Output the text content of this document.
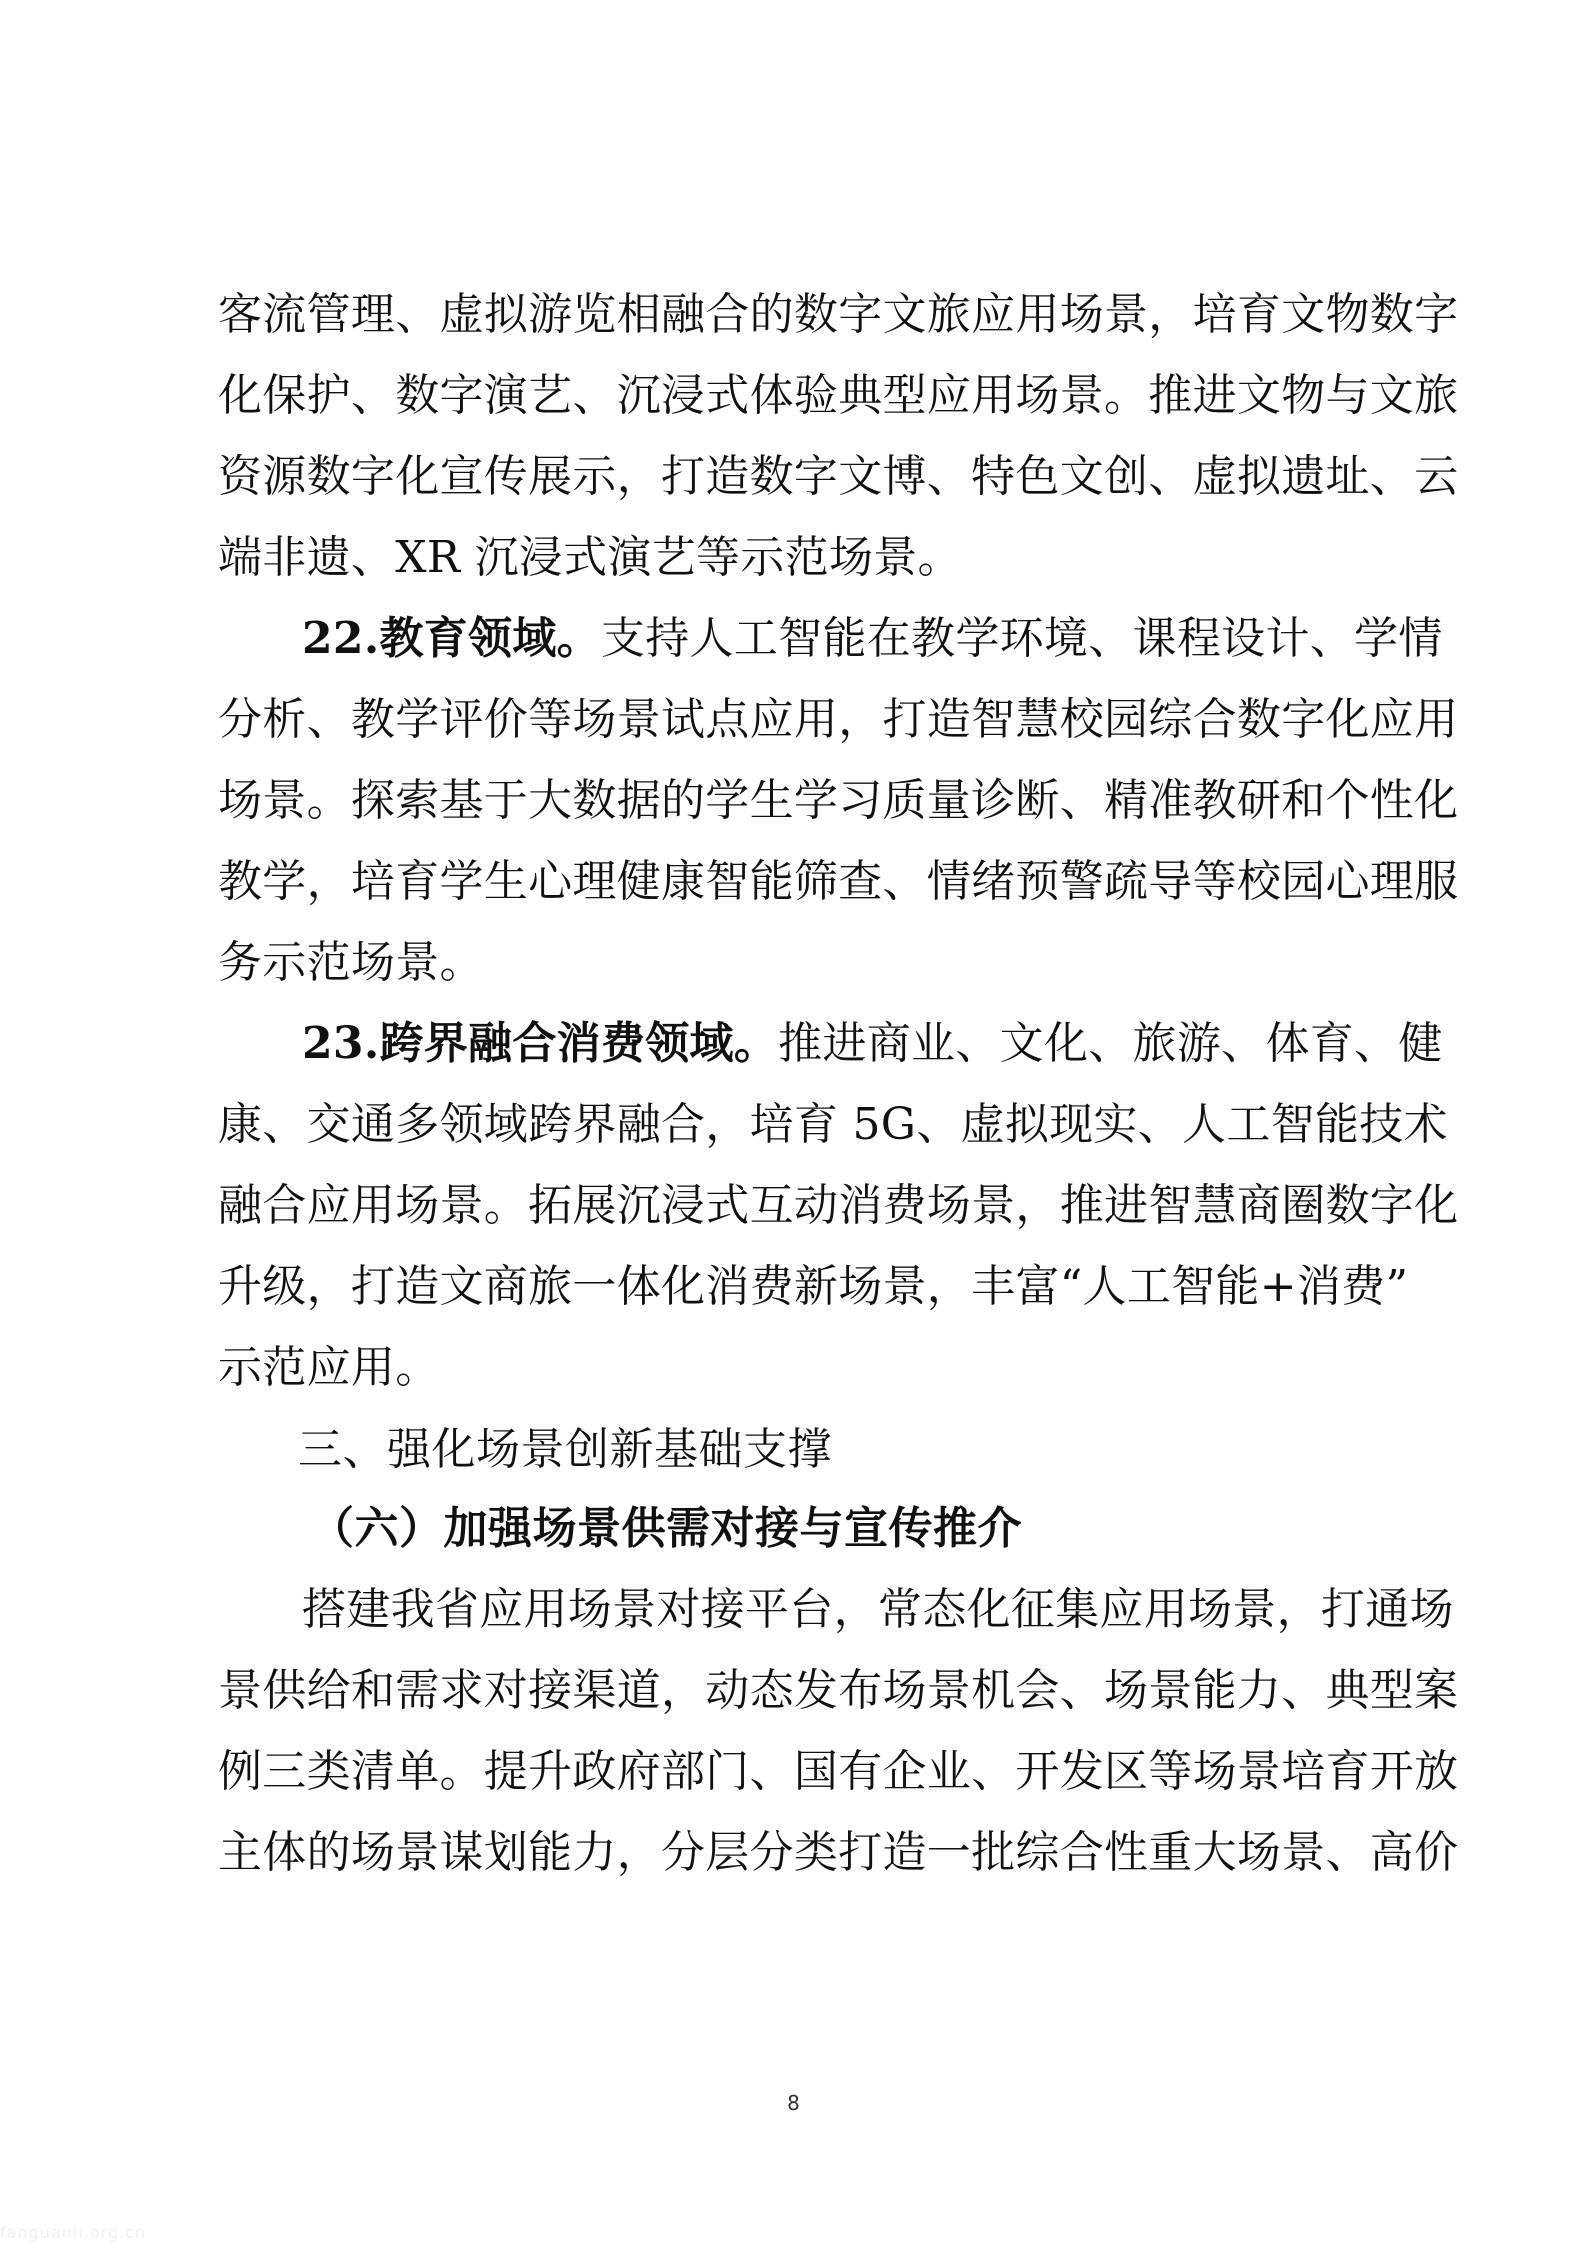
客流管理、虚拟游览相融合的数字文旅应用场景，培育文物数字

化保护、数字演艺、沉浸式体验典型应用场景。推进文物与文旅

资源数字化宣传展示，打造数字文博、特色文创、虚拟遗址、云

端非遗、XR 沉浸式演艺等示范场景。

22.教育领域。支持人工智能在教学环境、课程设计、学情

分析、教学评价等场景试点应用，打造智慧校园综合数字化应用

场景。探索基于大数据的学生学习质量诊断、精准教研和个性化

教学，培育学生心理健康智能筛查、情绪预警疏导等校园心理服

务示范场景。

23.跨界融合消费领域。推进商业、文化、旅游、体育、健

康、交通多领域跨界融合，培育 5G、虚拟现实、人工智能技术

融合应用场景。拓展沉浸式互动消费场景，推进智慧商圈数字化

升级，打造文商旅一体化消费新场景，丰富“人工智能+消费”

示范应用。

三、强化场景创新基础支撑
（六）加强场景供需对接与宣传推介

搭建我省应用场景对接平台，常态化征集应用场景，打通场

景供给和需求对接渠道，动态发布场景机会、场景能力、典型案

例三类清单。提升政府部门、国有企业、开发区等场景培育开放

主体的场景谋划能力，分层分类打造一批综合性重大场景、高价

8
fanguanli.org.cn
